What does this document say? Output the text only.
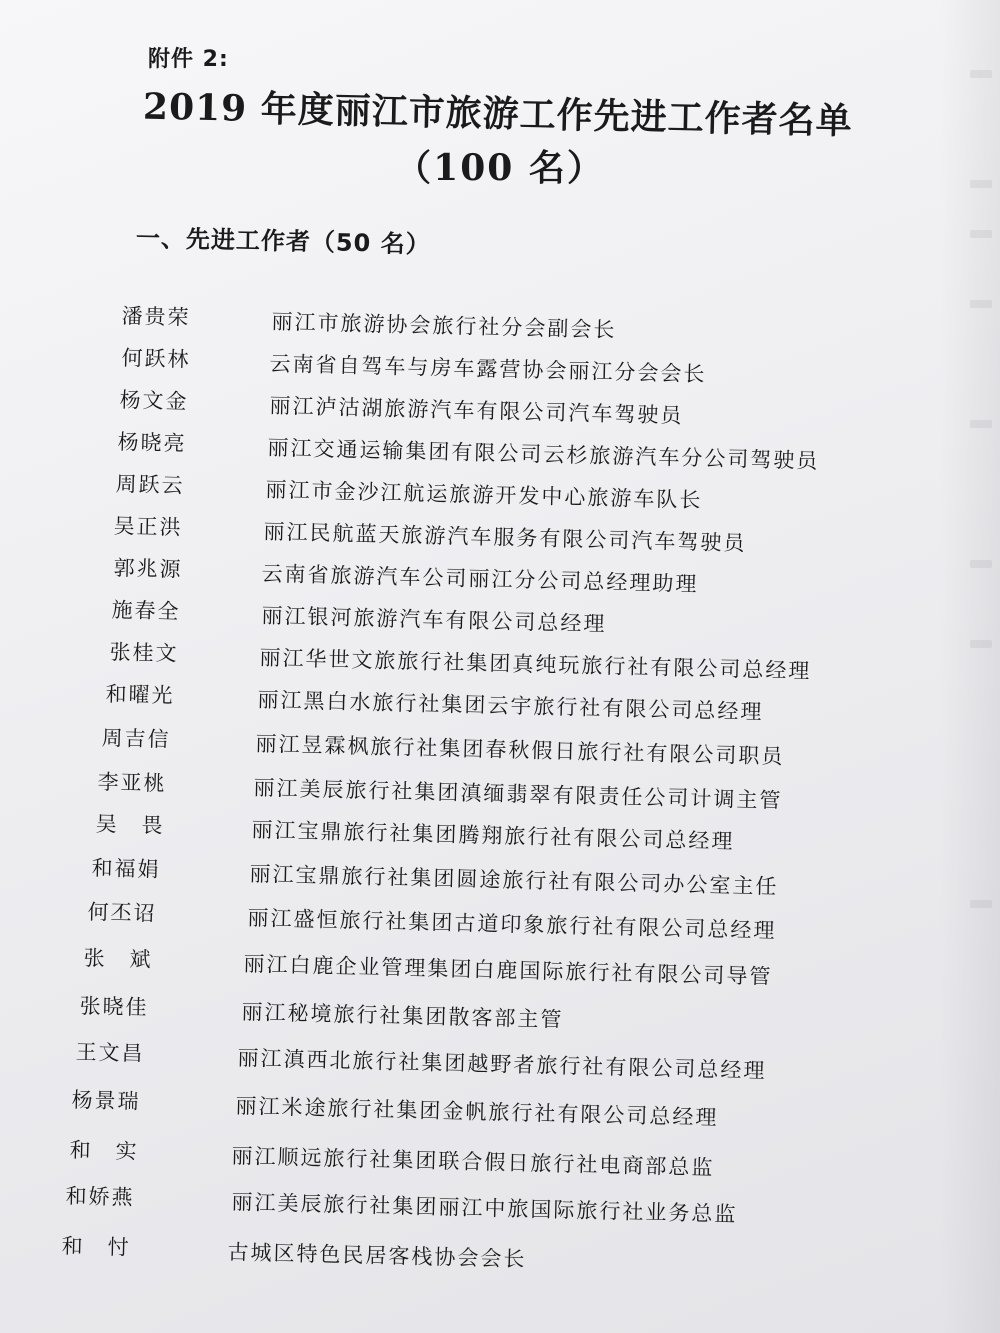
附件 2:
2019 年度丽江市旅游工作先进工作者名单
（100 名）
一、先进工作者（50 名）
潘贵荣	丽江市旅游协会旅行社分会副会长
何跃林	云南省自驾车与房车露营协会丽江分会会长
杨文金	丽江泸沽湖旅游汽车有限公司汽车驾驶员
杨晓亮	丽江交通运输集团有限公司云杉旅游汽车分公司驾驶员
周跃云	丽江市金沙江航运旅游开发中心旅游车队长
吴正洪	丽江民航蓝天旅游汽车服务有限公司汽车驾驶员
郭兆源	云南省旅游汽车公司丽江分公司总经理助理
施春全	丽江银河旅游汽车有限公司总经理
张桂文	丽江华世文旅旅行社集团真纯玩旅行社有限公司总经理
和曜光	丽江黑白水旅行社集团云宇旅行社有限公司总经理
周吉信	丽江昱霖枫旅行社集团春秋假日旅行社有限公司职员
李亚桃	丽江美辰旅行社集团滇缅翡翠有限责任公司计调主管
吴　畏	丽江宝鼎旅行社集团腾翔旅行社有限公司总经理
和福娟	丽江宝鼎旅行社集团圆途旅行社有限公司办公室主任
何丕诏	丽江盛恒旅行社集团古道印象旅行社有限公司总经理
张　斌	丽江白鹿企业管理集团白鹿国际旅行社有限公司导管
张晓佳	丽江秘境旅行社集团散客部主管
王文昌	丽江滇西北旅行社集团越野者旅行社有限公司总经理
杨景瑞	丽江米途旅行社集团金帆旅行社有限公司总经理
和　实	丽江顺远旅行社集团联合假日旅行社电商部总监
和娇燕	丽江美辰旅行社集团丽江中旅国际旅行社业务总监
和　忖	古城区特色民居客栈协会会长
